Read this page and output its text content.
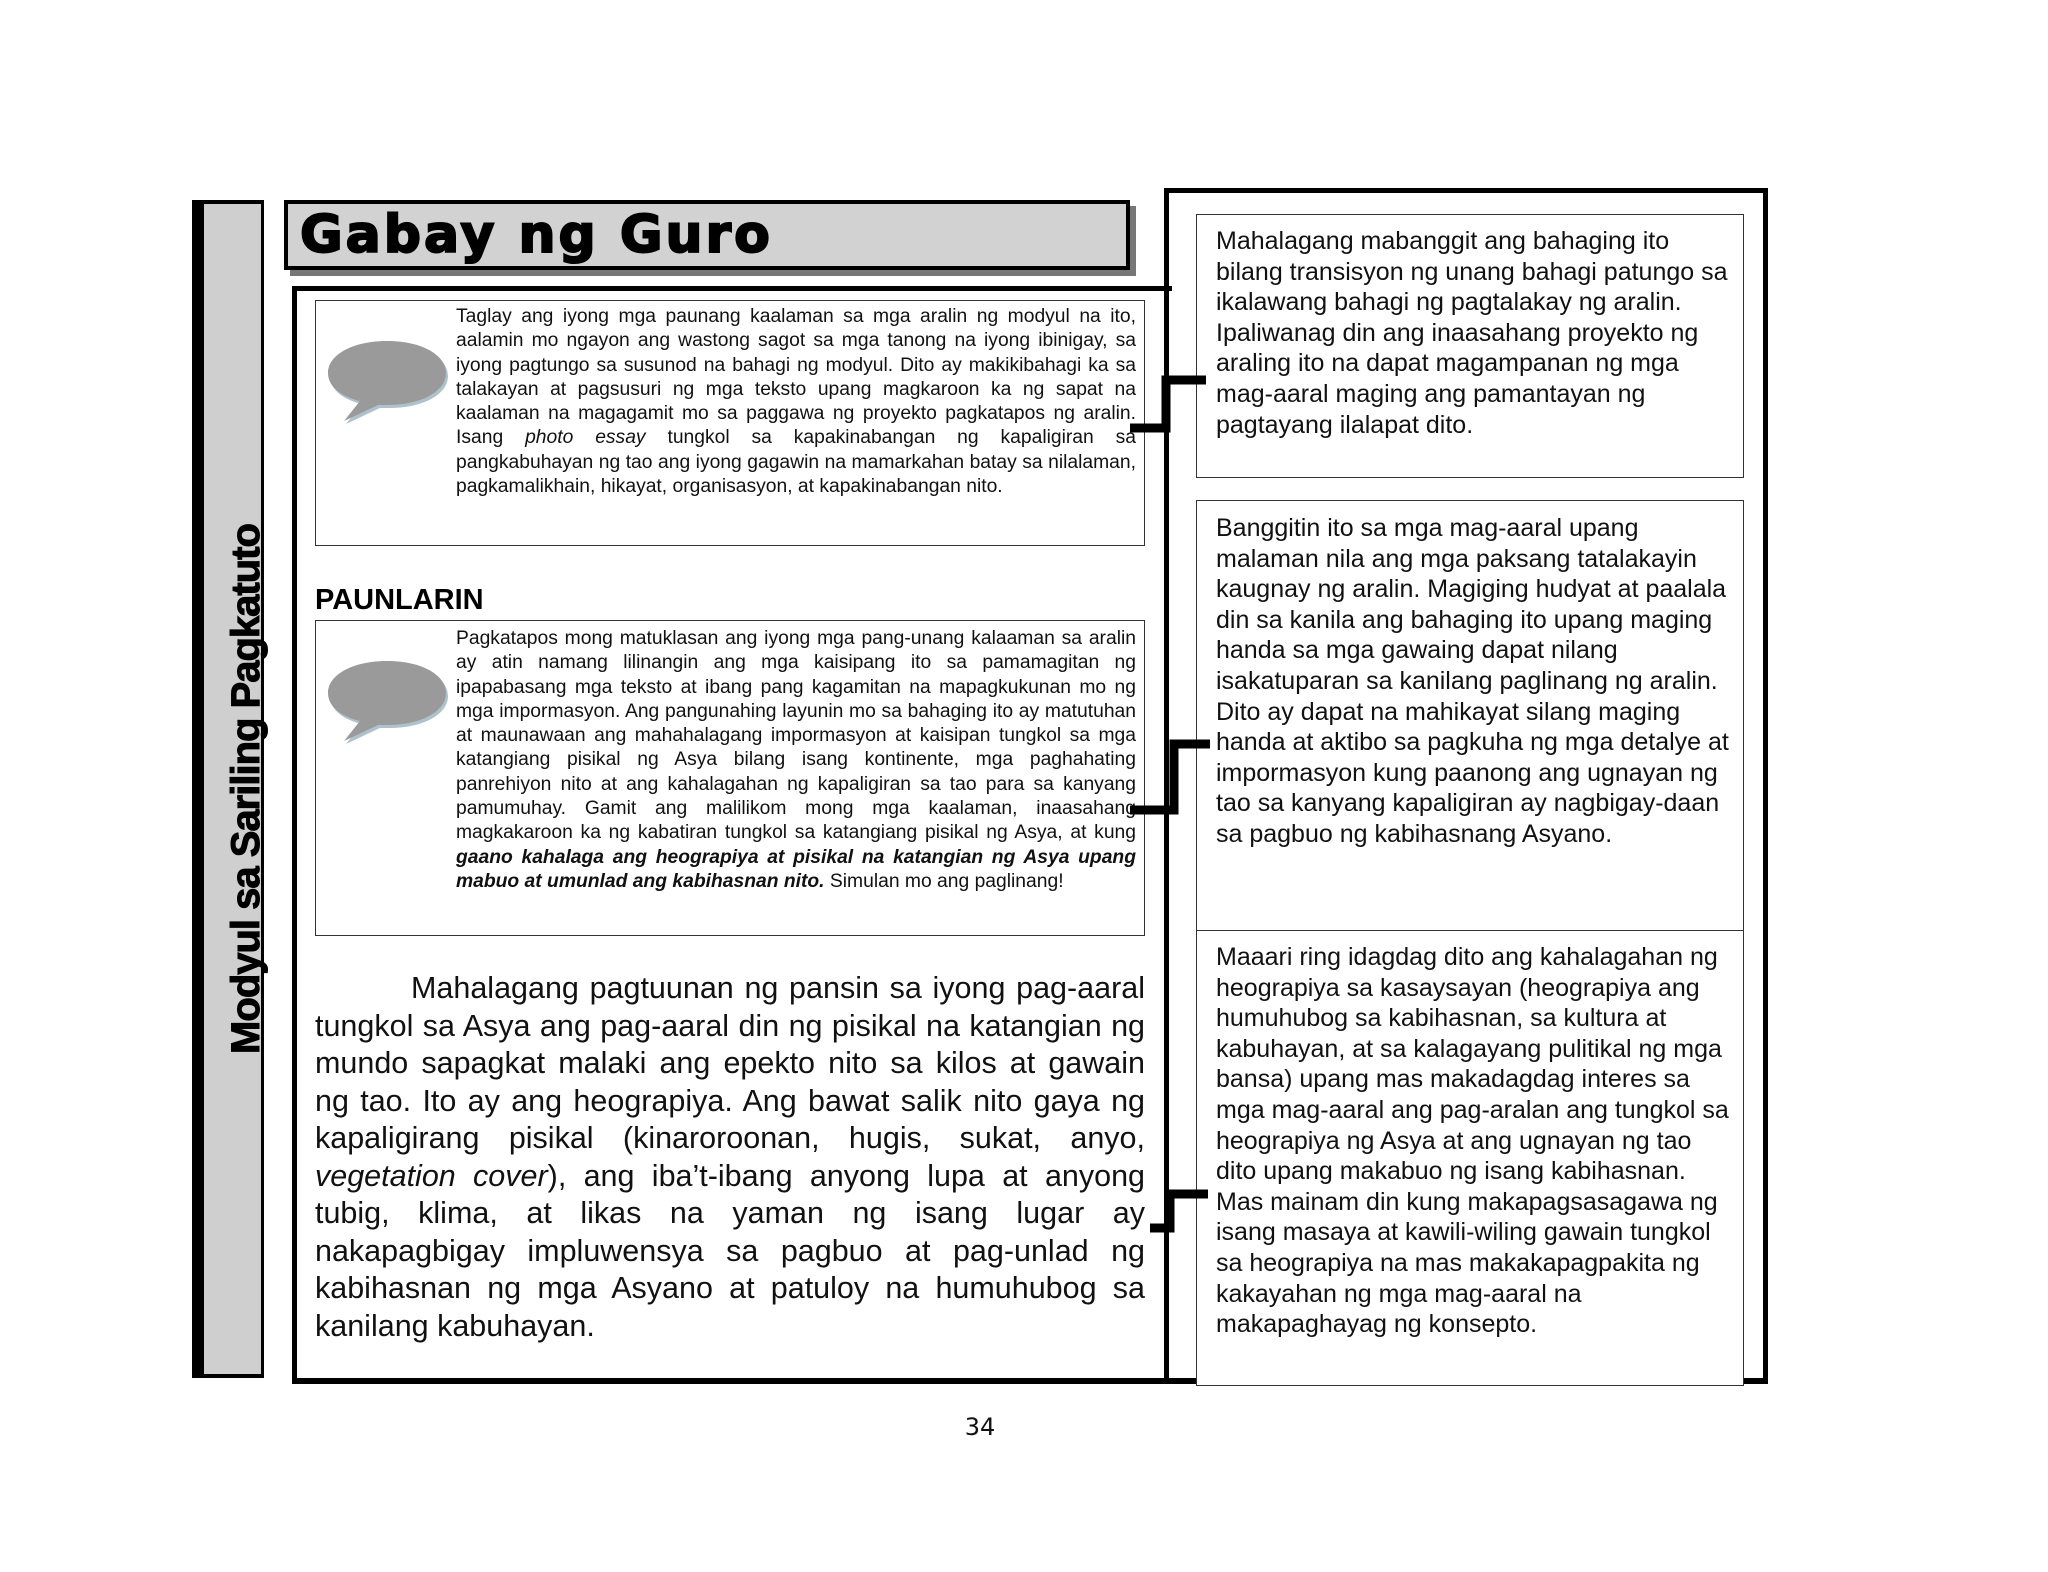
Modyul sa Sariling Pagkatuto
Gabay ng Guro
Taglay ang iyong mga paunang kaalaman sa mga aralin ng modyul na ito, aalamin mo ngayon ang wastong sagot sa mga tanong na iyong ibinigay, sa iyong pagtungo sa susunod na bahagi ng modyul. Dito ay makikibahagi ka sa talakayan at pagsusuri ng mga teksto upang magkaroon ka ng sapat na kaalaman na magagamit mo sa paggawa ng proyekto pagkatapos ng aralin. Isang photo essay tungkol sa kapakinabangan ng kapaligiran sa pangkabuhayan ng tao ang iyong gagawin na mamarkahan batay sa nilalaman, pagkamalikhain, hikayat, organisasyon, at kapakinabangan nito.
PAUNLARIN
Pagkatapos mong matuklasan ang iyong mga pang-unang kalaaman sa aralin ay atin namang lilinangin ang mga kaisipang ito sa pamamagitan ng ipapabasang mga teksto at ibang pang kagamitan na mapagkukunan mo ng mga impormasyon. Ang pangunahing layunin mo sa bahaging ito ay matutuhan at maunawaan ang mahahalagang impormasyon at kaisipan tungkol sa mga katangiang pisikal ng Asya bilang isang kontinente, mga paghahating panrehiyon nito at ang kahalagahan ng kapaligiran sa tao para sa kanyang pamumuhay. Gamit ang malilikom mong mga kaalaman, inaasahang magkakaroon ka ng kabatiran tungkol sa katangiang pisikal ng Asya, at kung gaano kahalaga ang heograpiya at pisikal na katangian ng Asya upang mabuo at umunlad ang kabihasnan nito. Simulan mo ang paglinang!
Mahalagang pagtuunan ng pansin sa iyong pag-aaral tungkol sa Asya ang pag-aaral din ng pisikal na katangian ng mundo sapagkat malaki ang epekto nito sa kilos at gawain ng tao. Ito ay ang heograpiya. Ang bawat salik nito gaya ng kapaligirang pisikal (kinaroroonan, hugis, sukat, anyo, vegetation cover), ang iba’t-ibang anyong lupa at anyong tubig, klima, at likas na yaman ng isang lugar ay nakapagbigay impluwensya sa pagbuo at pag-unlad ng kabihasnan ng mga Asyano at patuloy na humuhubog sa kanilang kabuhayan.
Mahalagang mabanggit ang bahaging ito bilang transisyon ng unang bahagi patungo sa ikalawang bahagi ng pagtalakay ng aralin. Ipaliwanag din ang inaasahang proyekto ng araling ito na dapat magampanan ng mga mag-aaral maging ang pamantayan ng pagtayang ilalapat dito.
Banggitin ito sa mga mag-aaral upang malaman nila ang mga paksang tatalakayin kaugnay ng aralin. Magiging hudyat at paalala din sa kanila ang bahaging ito upang maging handa sa mga gawaing dapat nilang isakatuparan sa kanilang paglinang ng aralin. Dito ay dapat na mahikayat silang maging handa at aktibo sa pagkuha ng mga detalye at impormasyon kung paanong ang ugnayan ng tao sa kanyang kapaligiran ay nagbigay-daan sa pagbuo ng kabihasnang Asyano.
Maaari ring idagdag dito ang kahalagahan ng heograpiya sa kasaysayan (heograpiya ang humuhubog sa kabihasnan, sa kultura at kabuhayan, at sa kalagayang pulitikal ng mga bansa) upang mas makadagdag interes sa mga mag-aaral ang pag-aralan ang tungkol sa heograpiya ng Asya at ang ugnayan ng tao dito upang makabuo ng isang kabihasnan. Mas mainam din kung makapagsasagawa ng isang masaya at kawili-wiling gawain tungkol sa heograpiya na mas makakapagpakita ng kakayahan ng mga mag-aaral na makapaghayag ng konsepto.
34
